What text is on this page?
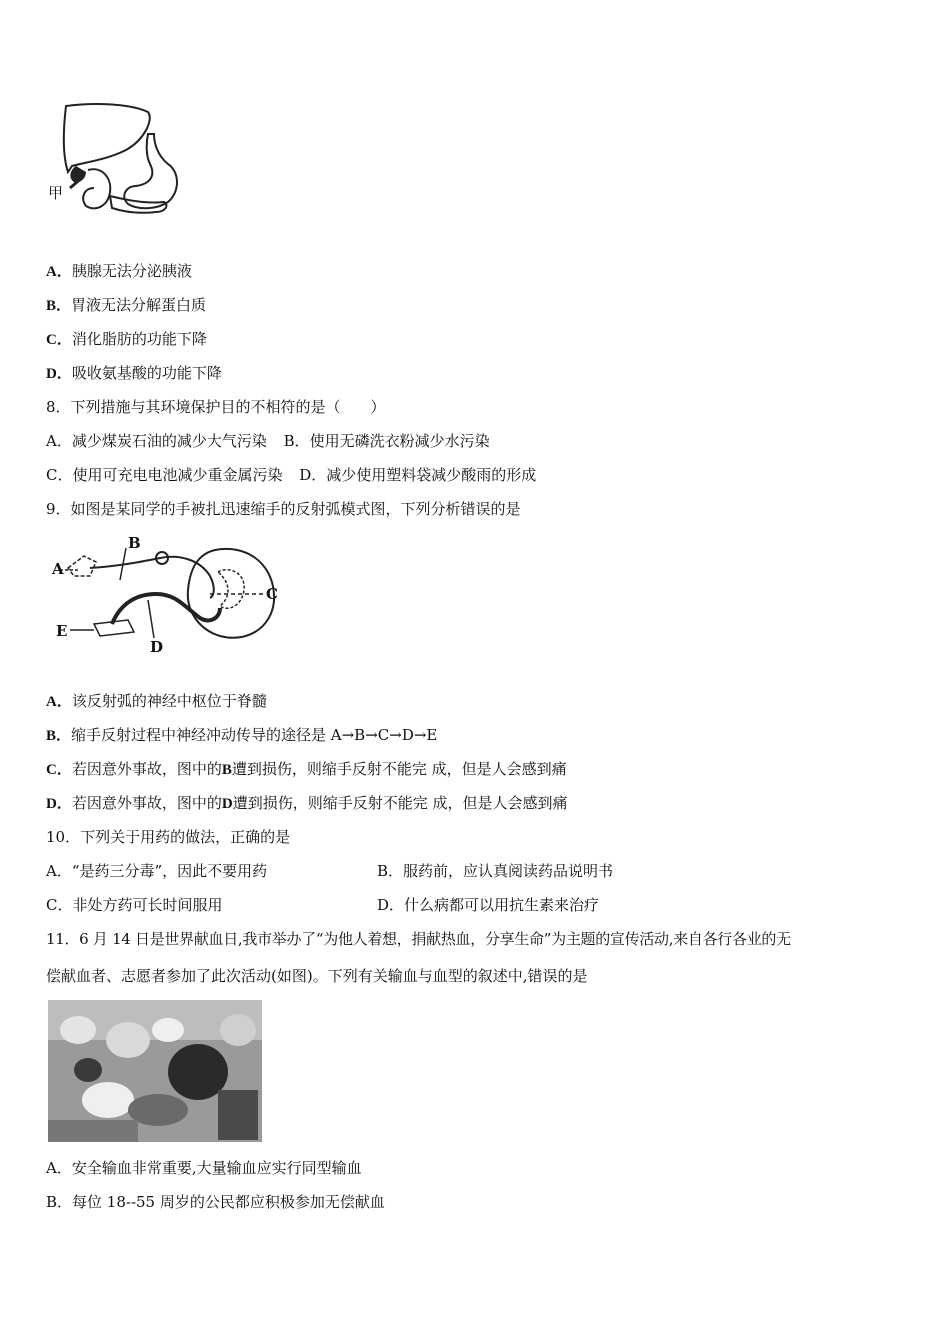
甲
A．胰腺无法分泌胰液
B．胃液无法分解蛋白质
C．消化脂肪的功能下降
D．吸收氨基酸的功能下降
8．下列措施与其环境保护目的不相符的是（　　）
A．减少煤炭石油的减少大气污染 B．使用无磷洗衣粉减少水污染
C．使用可充电电池减少重金属污染 D．减少使用塑料袋减少酸雨的形成
9．如图是某同学的手被扎迅速缩手的反射弧模式图，下列分析错误的是
A
B
C
D
E
A．该反射弧的神经中枢位于脊髓
B．缩手反射过程中神经冲动传导的途径是 A→B→C→D→E
C．若因意外事故，图中的B遭到损伤，则缩手反射不能完 成，但是人会感到痛
D．若因意外事故，图中的D遭到损伤，则缩手反射不能完 成，但是人会感到痛
10．下列关于用药的做法，正确的是
A．“是药三分毒”，因此不要用药	B．服药前，应认真阅读药品说明书
C．非处方药可长时间服用	D．什么病都可以用抗生素来治疗
11．6 月 14 日是世界献血日,我市举办了“为他人着想，捐献热血，分享生命”为主题的宣传活动,来自各行各业的无
偿献血者、志愿者参加了此次活动(如图)。下列有关输血与血型的叙述中,错误的是
A．安全输血非常重要,大量输血应实行同型输血
B．每位 18--55 周岁的公民都应积极参加无偿献血
